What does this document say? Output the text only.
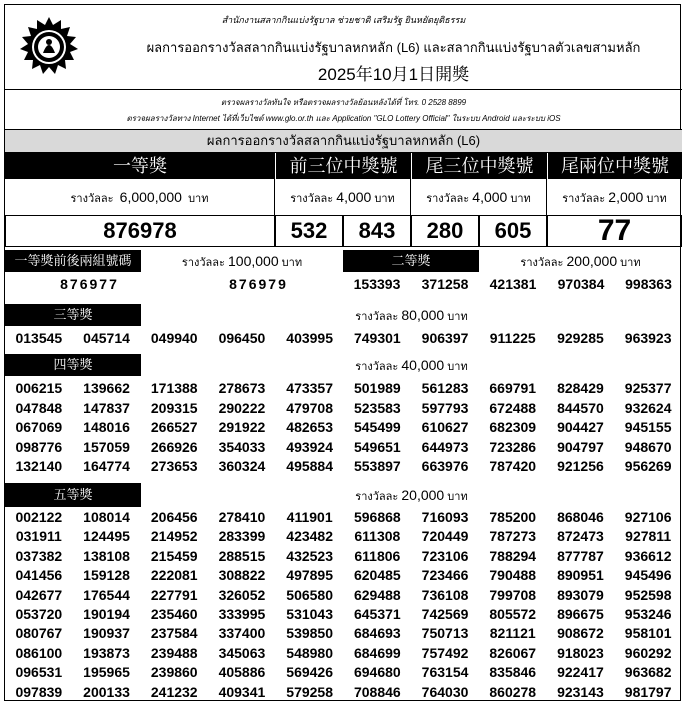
สำนักงานสลากกินแบ่งรัฐบาล ช่วยชาติ เสริมรัฐ ยินหยัดยุติธรรม
ผลการออกรางวัลสลากกินแบ่งรัฐบาลหกหลัก (L6) และสลากกินแบ่งรัฐบาลตัวเลขสามหลัก
2025年10月1日開獎
ตรวจผลรางวัลทันใจ หรือตรวจผลรางวัลย้อนหลังได้ที่ โทร. 0 2528 8899
ตรวจผลรางวัลทาง Internet ได้ที่เว็บไซต์ www.glo.or.th และ Application "GLO Lottery Official" ในระบบ Android และระบบ iOS
ผลการออกรางวัลสลากกินแบ่งรัฐบาลหกหลัก (L6)
一等獎	前三位中獎號	尾三位中獎號	尾兩位中獎號
รางวัลละ 6,000,000 บาท	รางวัลละ 4,000 บาท	รางวัลละ 4,000 บาท	รางวัลละ 2,000 บาท
876978	532	843	280	605	77
一等獎前後兩組號碼	รางวัลละ 100,000 บาท	二等獎	รางวัลละ 200,000 บาท
876977	876979	153393	371258	421381	970384	998363
三等獎	รางวัลละ 80,000 บาท
013545	045714	049940	096450	403995	749301	906397	911225	929285	963923
四等獎	รางวัลละ 40,000 บาท
006215	139662	171388	278673	473357	501989	561283	669791	828429	925377
047848	147837	209315	290222	479708	523583	597793	672488	844570	932624
067069	148016	266527	291922	482653	545499	610627	682309	904427	945155
098776	157059	266926	354033	493924	549651	644973	723286	904797	948670
132140	164774	273653	360324	495884	553897	663976	787420	921256	956269
五等獎	รางวัลละ 20,000 บาท
002122	108014	206456	278410	411901	596868	716093	785200	868046	927106
031911	124495	214952	283399	423482	611308	720449	787273	872473	927811
037382	138108	215459	288515	432523	611806	723106	788294	877787	936612
041456	159128	222081	308822	497895	620485	723466	790488	890951	945496
042677	176544	227791	326052	506580	629488	736108	799708	893079	952598
053720	190194	235460	333995	531043	645371	742569	805572	896675	953246
080767	190937	237584	337400	539850	684693	750713	821121	908672	958101
086100	193873	239488	345063	548980	684699	757492	826067	918023	960292
096531	195965	239860	405886	569426	694680	763154	835846	922417	963682
097839	200133	241232	409341	579258	708846	764030	860278	923143	981797
